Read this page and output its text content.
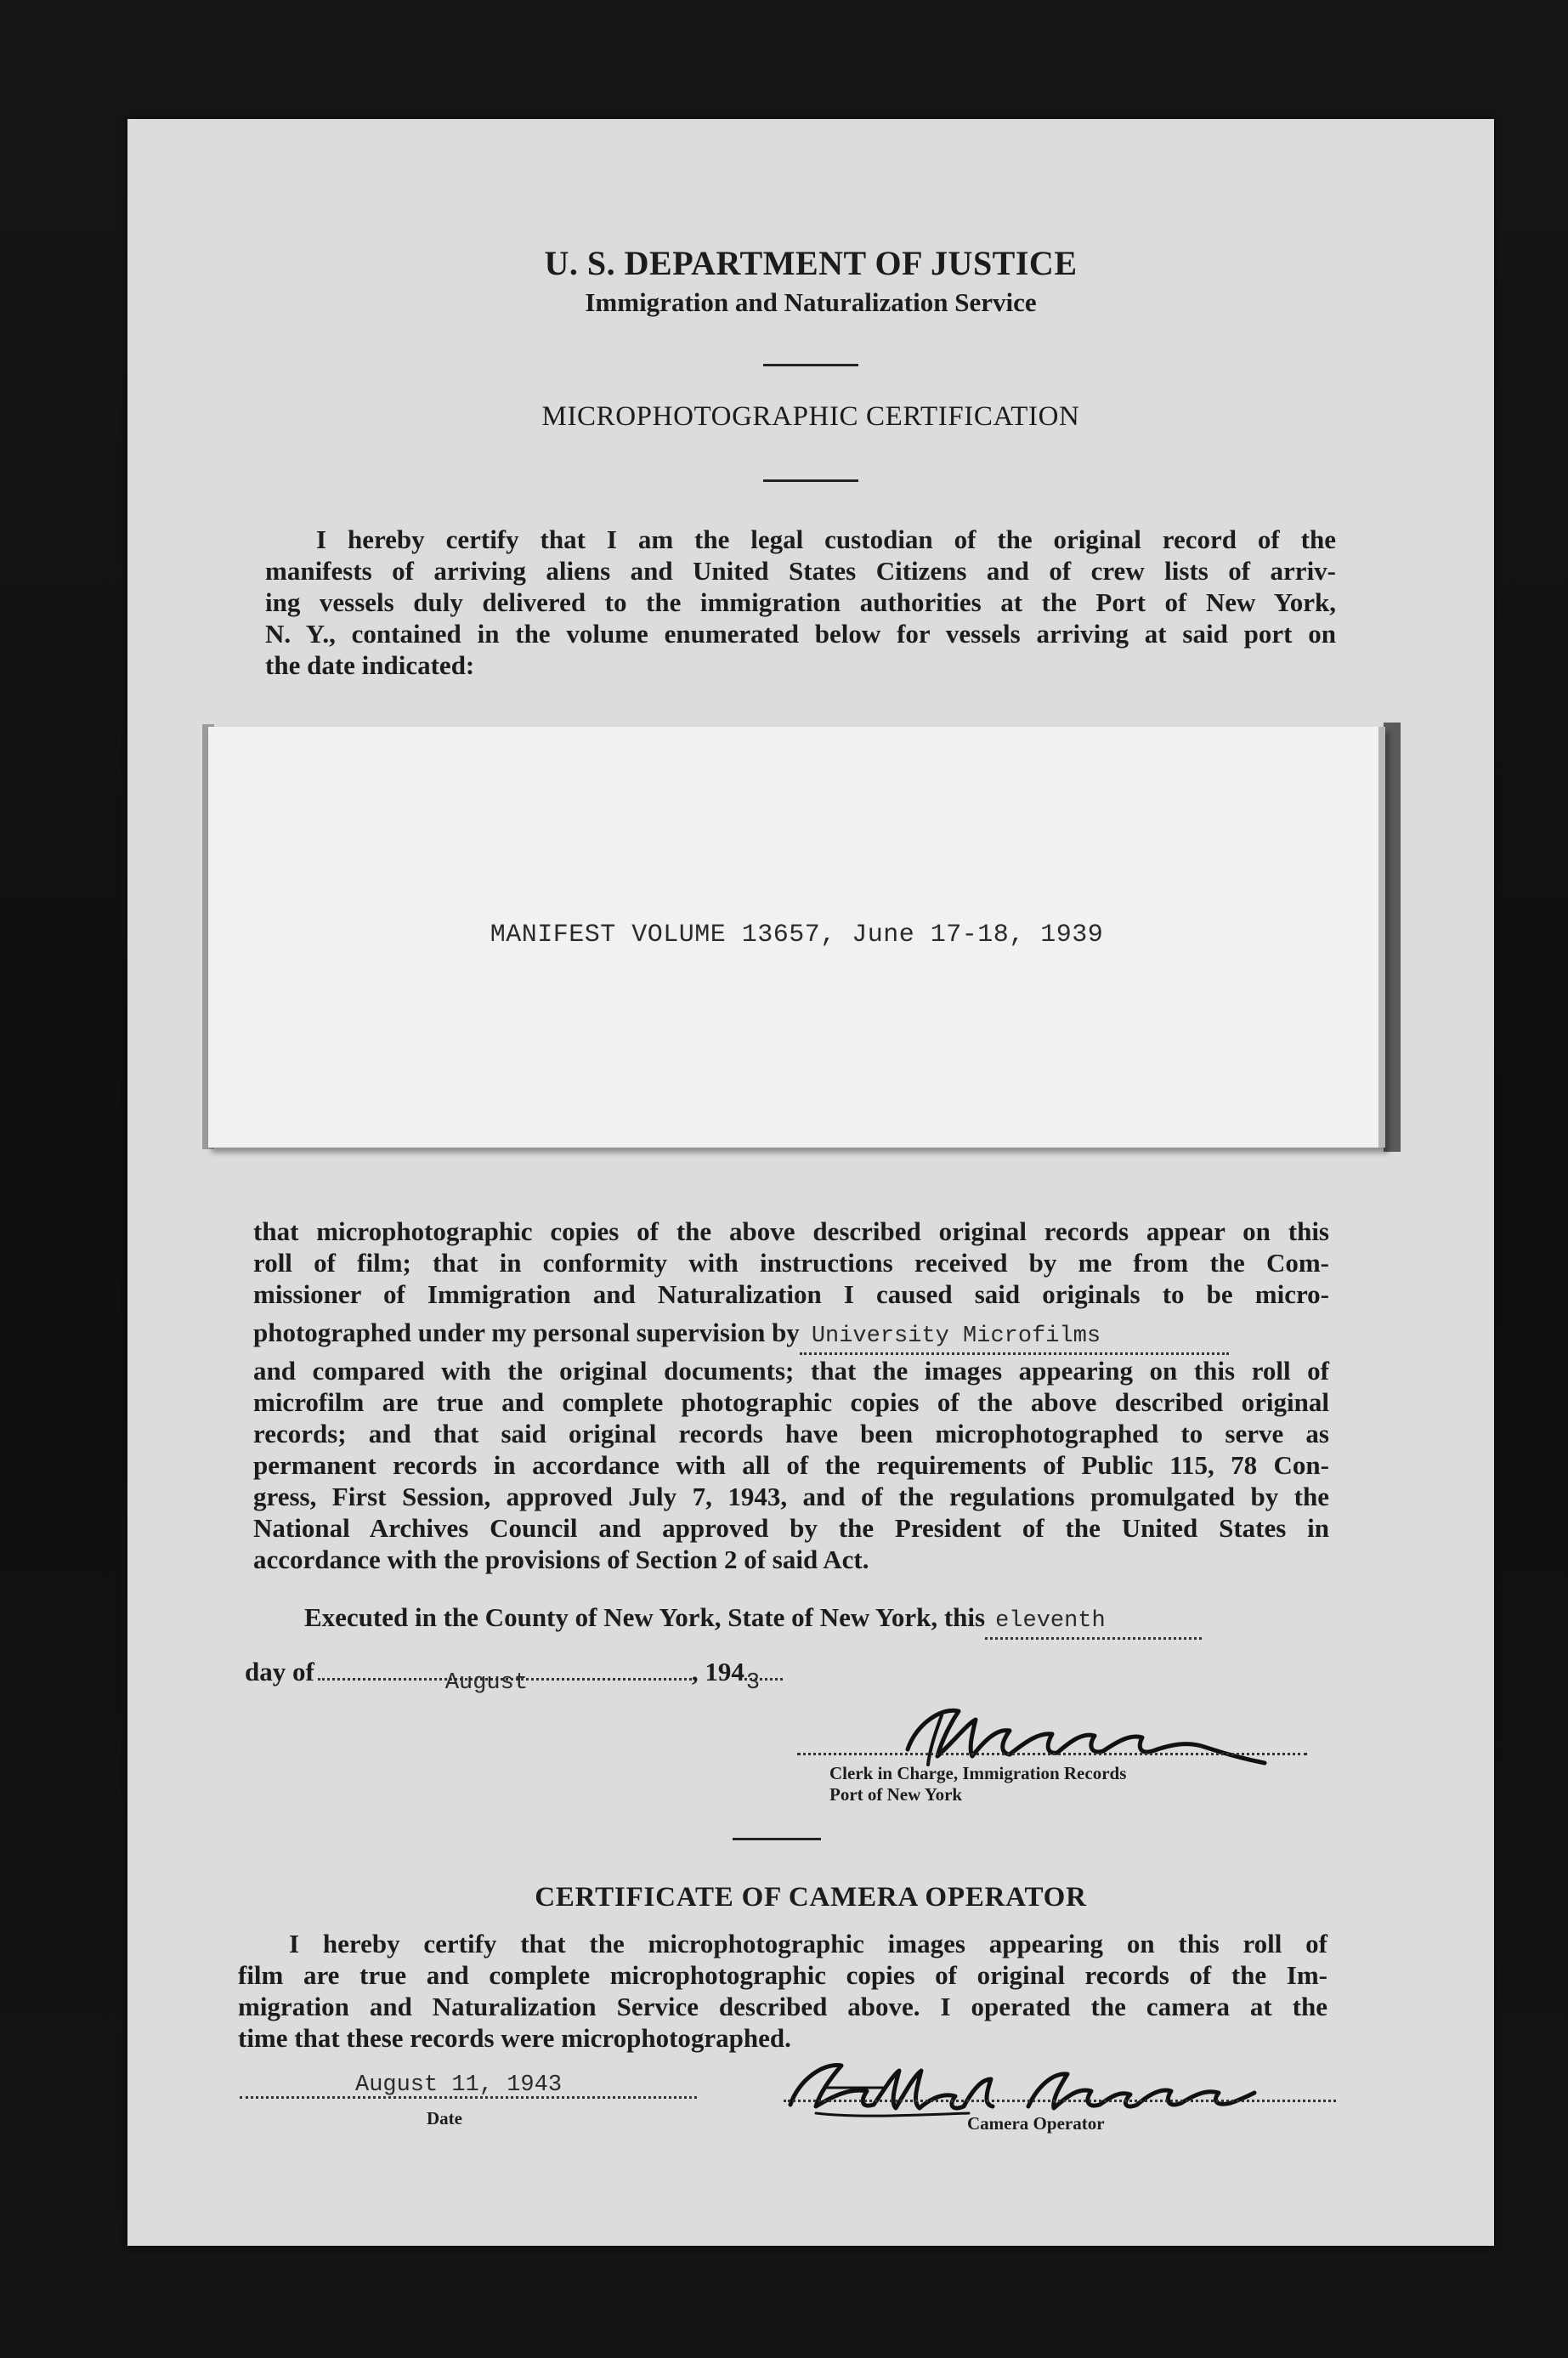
U. S. DEPARTMENT OF JUSTICE
Immigration and Naturalization Service
MICROPHOTOGRAPHIC CERTIFICATION
I hereby certify that I am the legal custodian of the original record of the
manifests of arriving aliens and United States Citizens and of crew lists of arriv-
ing vessels duly delivered to the immigration authorities at the Port of New York,
N. Y., contained in the volume enumerated below for vessels arriving at said port on
the date indicated:
MANIFEST VOLUME 13657, June 17-18, 1939
that microphotographic copies of the above described original records appear on this
roll of film; that in conformity with instructions received by me from the Com-
missioner of Immigration and Naturalization I caused said originals to be micro-
photographed under my personal supervision by University Microfilms
and compared with the original documents; that the images appearing on this roll of
microfilm are true and complete photographic copies of the above described original
records; and that said original records have been microphotographed to serve as
permanent records in accordance with all of the requirements of Public 115, 78 Con-
gress, First Session, approved July 7, 1943, and of the regulations promulgated by the
National Archives Council and approved by the President of the United States in
accordance with the provisions of Section 2 of said Act.
Executed in the County of New York, State of New York, this eleventh
day of	August	, 194 3
Clerk in Charge, Immigration Records
Port of New York
CERTIFICATE OF CAMERA OPERATOR
I hereby certify that the microphotographic images appearing on this roll of
film are true and complete microphotographic copies of original records of the Im-
migration and Naturalization Service described above. I operated the camera at the
time that these records were microphotographed.
August 11, 1943
Date	Camera Operator
